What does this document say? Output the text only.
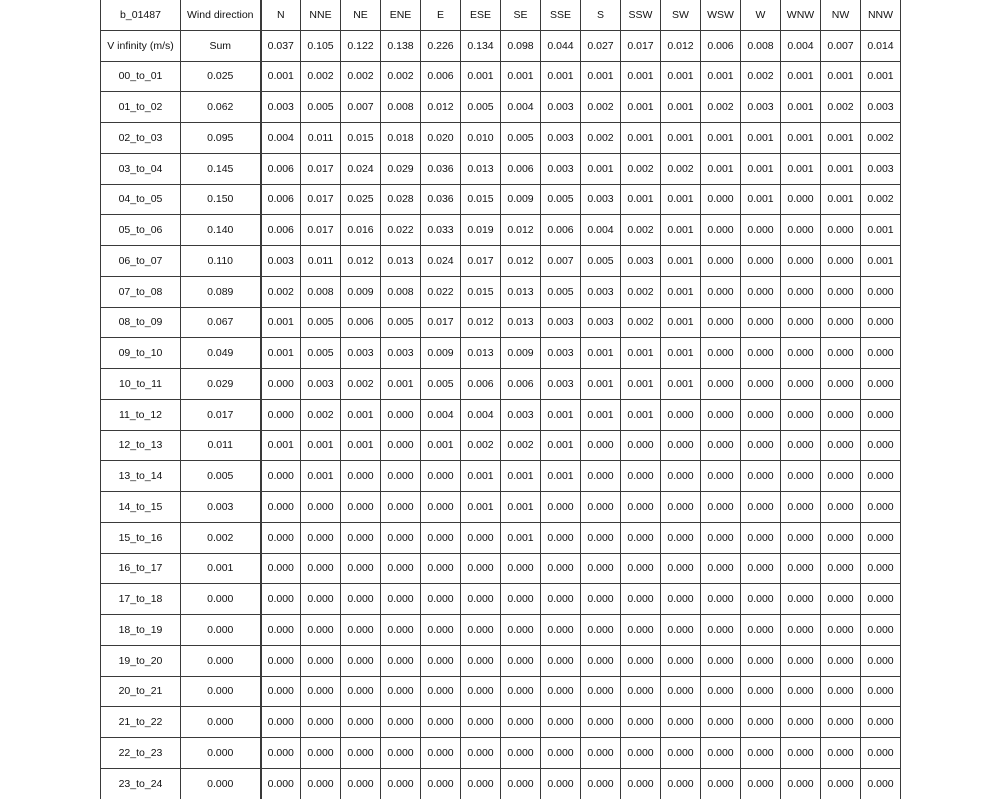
b_01487	Wind direction	N	NNE	NE	ENE	E	ESE	SE	SSE	S	SSW	SW	WSW	W	WNW	NW	NNW
V infinity (m/s)	Sum	0.037	0.105	0.122	0.138	0.226	0.134	0.098	0.044	0.027	0.017	0.012	0.006	0.008	0.004	0.007	0.014
00_to_01	0.025	0.001	0.002	0.002	0.002	0.006	0.001	0.001	0.001	0.001	0.001	0.001	0.001	0.002	0.001	0.001	0.001
01_to_02	0.062	0.003	0.005	0.007	0.008	0.012	0.005	0.004	0.003	0.002	0.001	0.001	0.002	0.003	0.001	0.002	0.003
02_to_03	0.095	0.004	0.011	0.015	0.018	0.020	0.010	0.005	0.003	0.002	0.001	0.001	0.001	0.001	0.001	0.001	0.002
03_to_04	0.145	0.006	0.017	0.024	0.029	0.036	0.013	0.006	0.003	0.001	0.002	0.002	0.001	0.001	0.001	0.001	0.003
04_to_05	0.150	0.006	0.017	0.025	0.028	0.036	0.015	0.009	0.005	0.003	0.001	0.001	0.000	0.001	0.000	0.001	0.002
05_to_06	0.140	0.006	0.017	0.016	0.022	0.033	0.019	0.012	0.006	0.004	0.002	0.001	0.000	0.000	0.000	0.000	0.001
06_to_07	0.110	0.003	0.011	0.012	0.013	0.024	0.017	0.012	0.007	0.005	0.003	0.001	0.000	0.000	0.000	0.000	0.001
07_to_08	0.089	0.002	0.008	0.009	0.008	0.022	0.015	0.013	0.005	0.003	0.002	0.001	0.000	0.000	0.000	0.000	0.000
08_to_09	0.067	0.001	0.005	0.006	0.005	0.017	0.012	0.013	0.003	0.003	0.002	0.001	0.000	0.000	0.000	0.000	0.000
09_to_10	0.049	0.001	0.005	0.003	0.003	0.009	0.013	0.009	0.003	0.001	0.001	0.001	0.000	0.000	0.000	0.000	0.000
10_to_11	0.029	0.000	0.003	0.002	0.001	0.005	0.006	0.006	0.003	0.001	0.001	0.001	0.000	0.000	0.000	0.000	0.000
11_to_12	0.017	0.000	0.002	0.001	0.000	0.004	0.004	0.003	0.001	0.001	0.001	0.000	0.000	0.000	0.000	0.000	0.000
12_to_13	0.011	0.001	0.001	0.001	0.000	0.001	0.002	0.002	0.001	0.000	0.000	0.000	0.000	0.000	0.000	0.000	0.000
13_to_14	0.005	0.000	0.001	0.000	0.000	0.000	0.001	0.001	0.001	0.000	0.000	0.000	0.000	0.000	0.000	0.000	0.000
14_to_15	0.003	0.000	0.000	0.000	0.000	0.000	0.001	0.001	0.000	0.000	0.000	0.000	0.000	0.000	0.000	0.000	0.000
15_to_16	0.002	0.000	0.000	0.000	0.000	0.000	0.000	0.001	0.000	0.000	0.000	0.000	0.000	0.000	0.000	0.000	0.000
16_to_17	0.001	0.000	0.000	0.000	0.000	0.000	0.000	0.000	0.000	0.000	0.000	0.000	0.000	0.000	0.000	0.000	0.000
17_to_18	0.000	0.000	0.000	0.000	0.000	0.000	0.000	0.000	0.000	0.000	0.000	0.000	0.000	0.000	0.000	0.000	0.000
18_to_19	0.000	0.000	0.000	0.000	0.000	0.000	0.000	0.000	0.000	0.000	0.000	0.000	0.000	0.000	0.000	0.000	0.000
19_to_20	0.000	0.000	0.000	0.000	0.000	0.000	0.000	0.000	0.000	0.000	0.000	0.000	0.000	0.000	0.000	0.000	0.000
20_to_21	0.000	0.000	0.000	0.000	0.000	0.000	0.000	0.000	0.000	0.000	0.000	0.000	0.000	0.000	0.000	0.000	0.000
21_to_22	0.000	0.000	0.000	0.000	0.000	0.000	0.000	0.000	0.000	0.000	0.000	0.000	0.000	0.000	0.000	0.000	0.000
22_to_23	0.000	0.000	0.000	0.000	0.000	0.000	0.000	0.000	0.000	0.000	0.000	0.000	0.000	0.000	0.000	0.000	0.000
23_to_24	0.000	0.000	0.000	0.000	0.000	0.000	0.000	0.000	0.000	0.000	0.000	0.000	0.000	0.000	0.000	0.000	0.000
